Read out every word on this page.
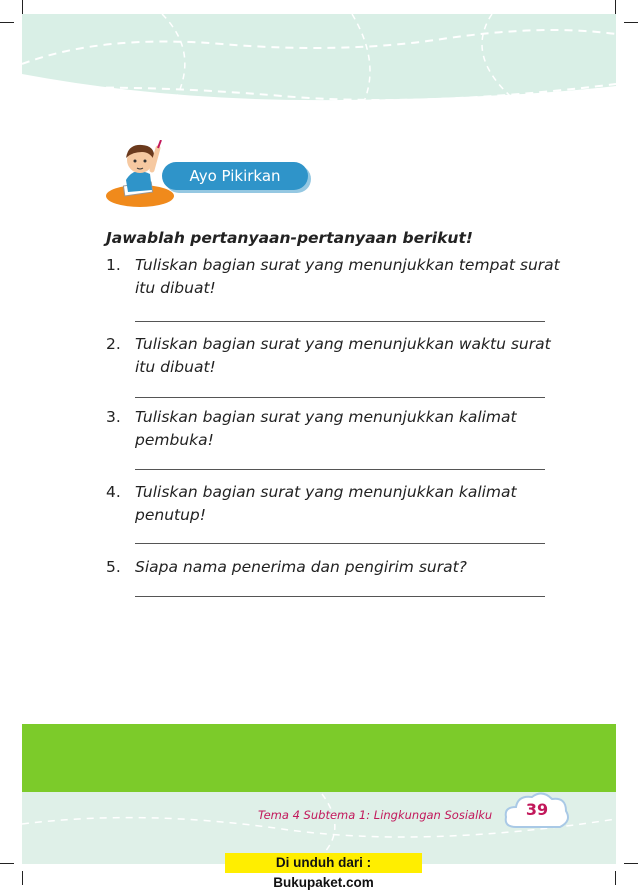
Ayo Pikirkan
Jawablah pertanyaan-pertanyaan berikut!
1. Tuliskan bagian surat yang menunjukkan tempat surat itu dibuat!
2. Tuliskan bagian surat yang menunjukkan waktu surat itu dibuat!
3. Tuliskan bagian surat yang menunjukkan kalimat pembuka!
4. Tuliskan bagian surat yang menunjukkan kalimat penutup!
5. Siapa nama penerima dan pengirim surat?
Tema 4 Subtema 1: Lingkungan Sosialku	39
Di unduh dari : Bukupaket.com
